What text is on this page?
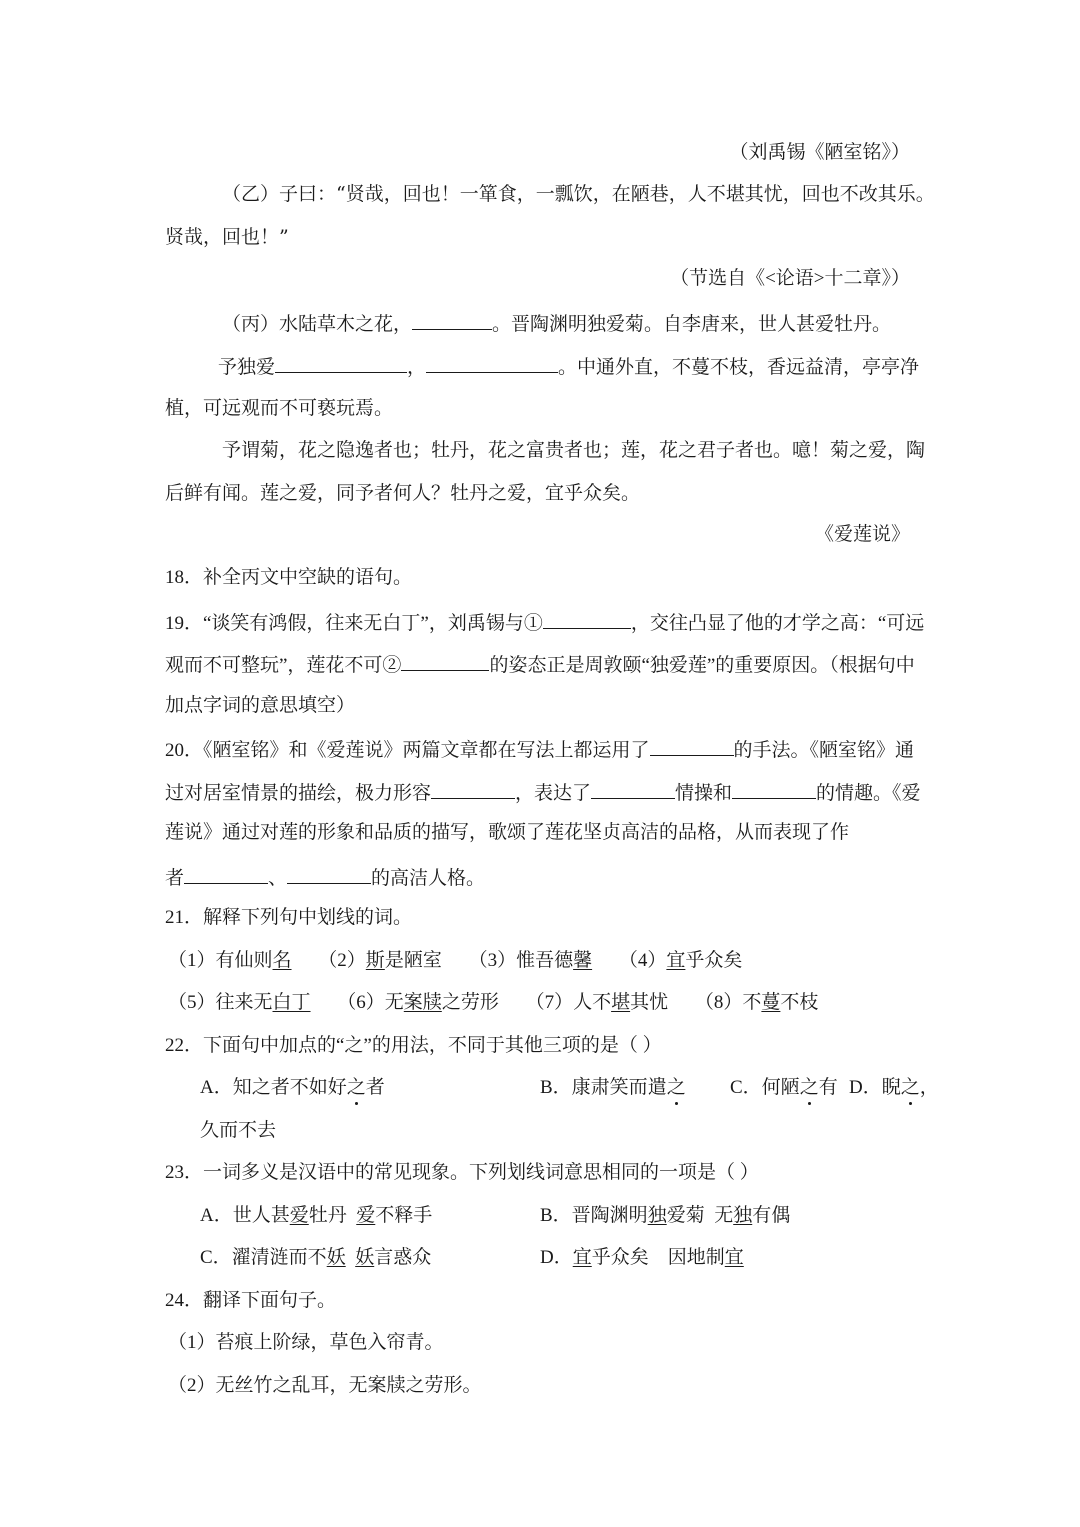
（刘禹锡《陋室铭》）
（乙）子曰：“贤哉，回也！一箪食，一瓢饮，在陋巷，人不堪其忧，回也不改其乐。
贤哉，回也！”
（节选自《<论语>十二章》）
（丙）水陆草木之花，	。晋陶渊明独爱菊。自李唐来，世人甚爱牡丹。
予独爱	，	。中通外直，不蔓不枝，香远益清，亭亭净
植，可远观而不可亵玩焉。
予谓菊，花之隐逸者也；牡丹，花之富贵者也；莲，花之君子者也。噫！菊之爱，陶
后鲜有闻。莲之爱，同予者何人？牡丹之爱，宜乎众矣。
《爱莲说》
18．补全丙文中空缺的语句。
19．“谈笑有鸿假，往来无白丁”，刘禹锡与①	，交往凸显了他的才学之高：“可远
观而不可整玩”，莲花不可②	的姿态正是周敦颐“独爱莲”的重要原因。（根据句中
加点字词的意思填空）
20．《陋室铭》和《爱莲说》两篇文章都在写法上都运用了	的手法。《陋室铭》通
过对居室情景的描绘，极力形容	，表达了	情操和	的情趣。《爱
莲说》通过对莲的形象和品质的描写，歌颂了莲花坚贞高洁的品格，从而表现了作
者	、	的高洁人格。
21．解释下列句中划线的词。
（1）有仙则名 （2）斯是陋室 （3）惟吾德馨 （4）宜乎众矣
（5）往来无白丁 （6）无案牍之劳形 （7）人不堪其忧 （8）不蔓不枝
22．下面句中加点的“之”的用法，不同于其他三项的是（ ）
A．知之者不如好之者	B．康肃笑而遣之 C．何陋之有 D．睨之，
久而不去
23．一词多义是汉语中的常见现象。下列划线词意思相同的一项是（ ）
A．世人甚爱牡丹  爱不释手	B．晋陶渊明独爱菊  无独有偶
C．濯清涟而不妖 妖言惑众	D．宜乎众矣    因地制宜
24．翻译下面句子。
（1）苔痕上阶绿，草色入帘青。
（2）无丝竹之乱耳，无案牍之劳形。
